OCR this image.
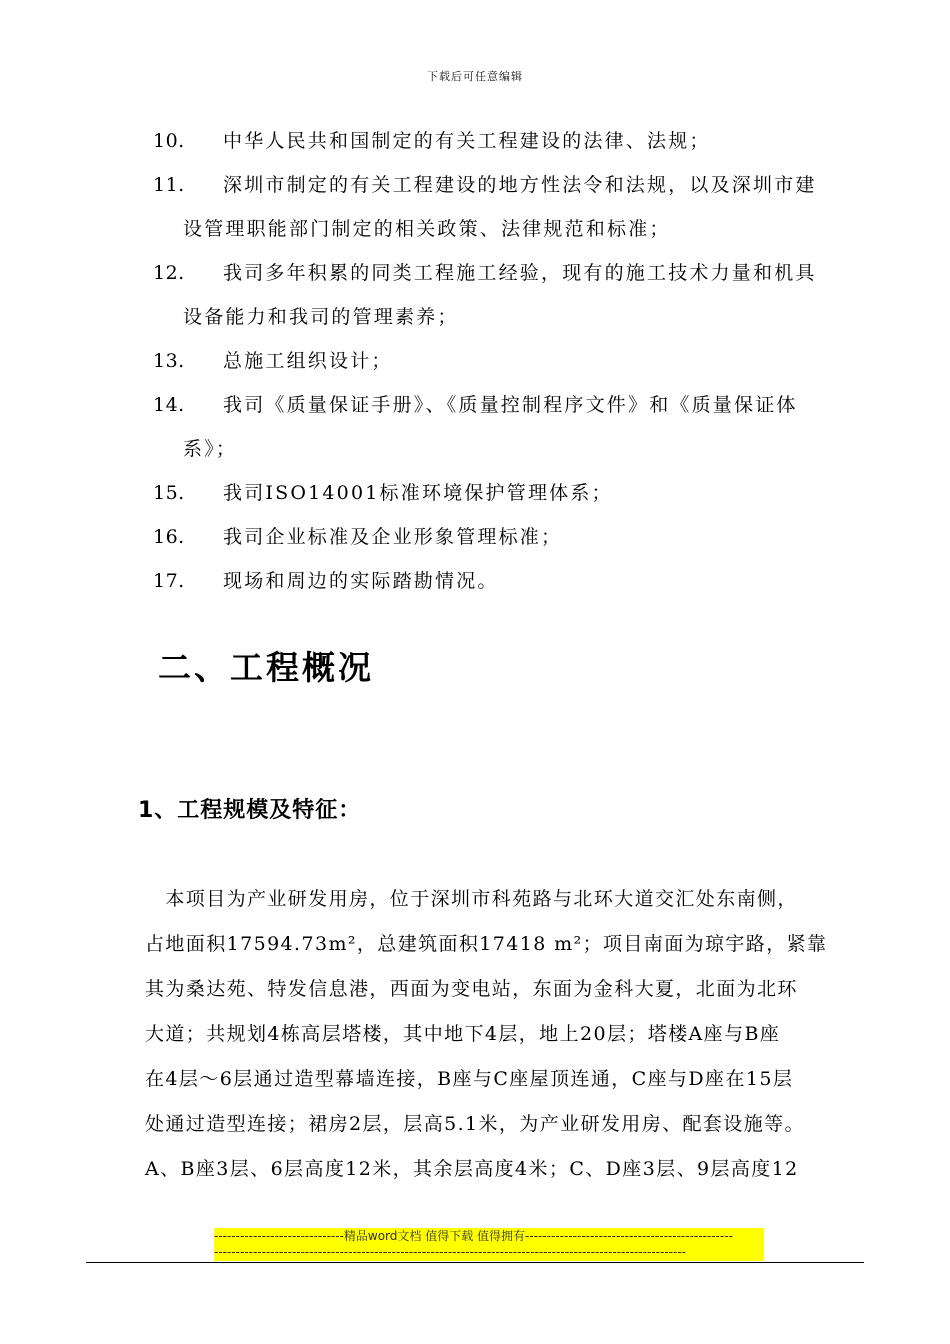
下载后可任意编辑
10. 中华人民共和国制定的有关工程建设的法律、法规；
11. 深圳市制定的有关工程建设的地方性法令和法规，以及深圳市建
设管理职能部门制定的相关政策、法律规范和标准；
12. 我司多年积累的同类工程施工经验，现有的施工技术力量和机具
设备能力和我司的管理素养；
13. 总施工组织设计；
14. 我司《质量保证手册》、《质量控制程序文件》和《质量保证体
系》；
15. 我司ISO14001标准环境保护管理体系；
16. 我司企业标准及企业形象管理标准；
17. 现场和周边的实际踏勘情况。
二、工程概况
1、工程规模及特征：
　本项目为产业研发用房，位于深圳市科苑路与北环大道交汇处东南侧，
占地面积17594.73m²，总建筑面积17418 m²；项目南面为琼宇路，紧靠
其为桑达苑、特发信息港，西面为变电站，东面为金科大夏，北面为北环
大道；共规划4栋高层塔楼，其中地下4层，地上20层；塔楼A座与B座
在4层～6层通过造型幕墙连接，B座与C座屋顶连通，C座与D座在15层
处通过造型连接；裙房2层，层高5.1米，为产业研发用房、配套设施等。
A、B座3层、6层高度12米，其余层高度4米；C、D座3层、9层高度12
------------------------------精品word文档 值得下载 值得拥有------------------------------------------------
-------------------------------------------------------------------------------------------------------------
